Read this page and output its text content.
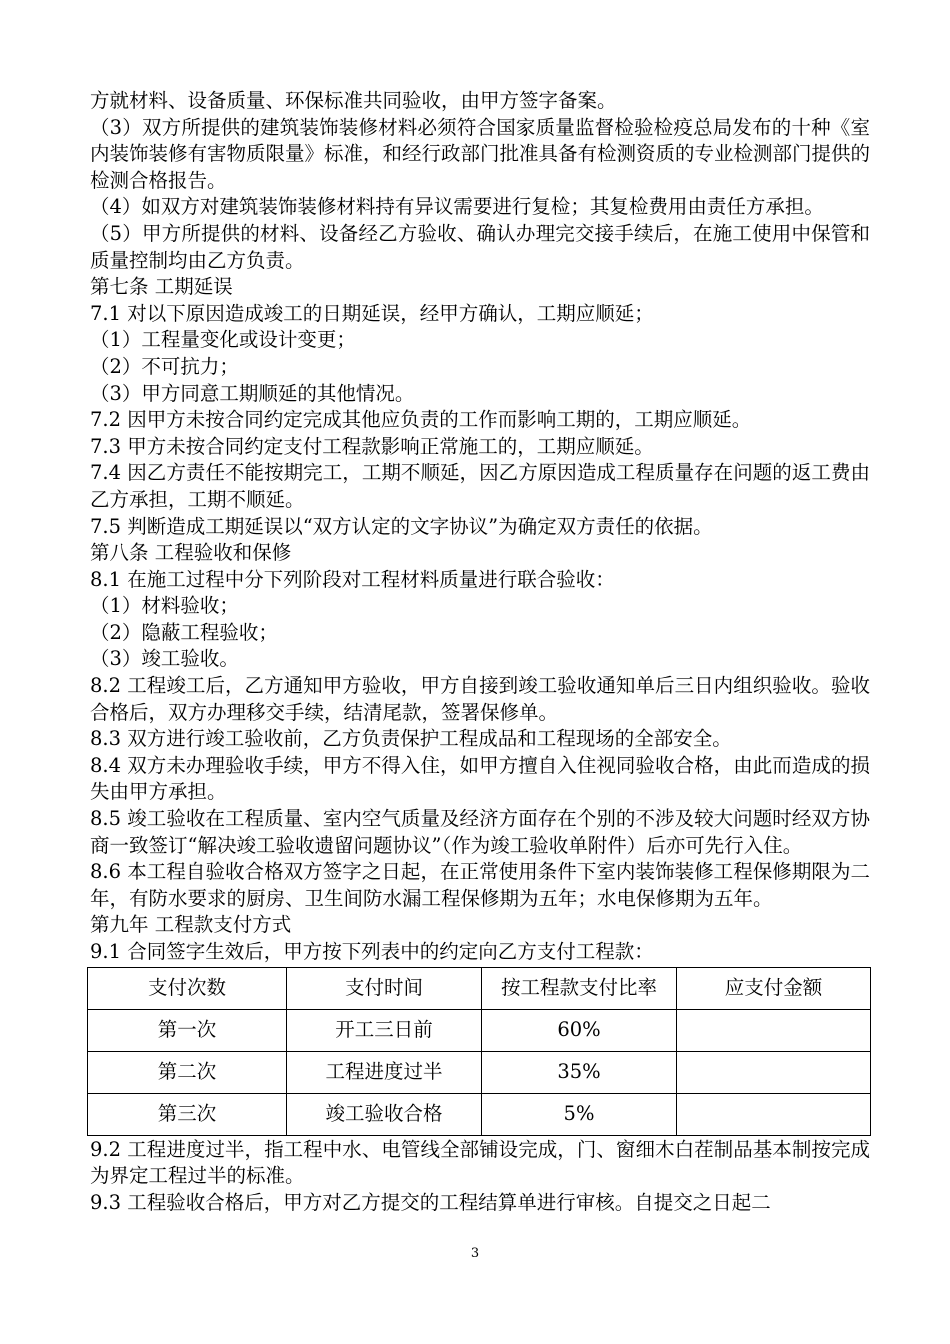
方就材料、设备质量、环保标准共同验收，由甲方签字备案。

（3）双方所提供的建筑装饰装修材料必须符合国家质量监督检验检疫总局发布的十种《室内装饰装修有害物质限量》标准，和经行政部门批准具备有检测资质的专业检测部门提供的检测合格报告。

（4）如双方对建筑装饰装修材料持有异议需要进行复检；其复检费用由责任方承担。

（5）甲方所提供的材料、设备经乙方验收、确认办理完交接手续后，在施工使用中保管和质量控制均由乙方负责。

第七条 工期延误

7.1 对以下原因造成竣工的日期延误，经甲方确认，工期应顺延；

（1）工程量变化或设计变更；

（2）不可抗力；

（3）甲方同意工期顺延的其他情况。

7.2 因甲方未按合同约定完成其他应负责的工作而影响工期的，工期应顺延。

7.3 甲方未按合同约定支付工程款影响正常施工的，工期应顺延。

7.4 因乙方责任不能按期完工，工期不顺延，因乙方原因造成工程质量存在问题的返工费由乙方承担，工期不顺延。

7.5 判断造成工期延误以“双方认定的文字协议”为确定双方责任的依据。

第八条 工程验收和保修

8.1 在施工过程中分下列阶段对工程材料质量进行联合验收：

（1）材料验收；

（2）隐蔽工程验收；

（3）竣工验收。

8.2 工程竣工后，乙方通知甲方验收，甲方自接到竣工验收通知单后三日内组织验收。验收合格后，双方办理移交手续，结清尾款，签署保修单。

8.3 双方进行竣工验收前，乙方负责保护工程成品和工程现场的全部安全。

8.4 双方未办理验收手续，甲方不得入住，如甲方擅自入住视同验收合格，由此而造成的损失由甲方承担。

8.5 竣工验收在工程质量、室内空气质量及经济方面存在个别的不涉及较大问题时经双方协商一致签订“解决竣工验收遗留问题协议”（作为竣工验收单附件）后亦可先行入住。

8.6 本工程自验收合格双方签字之日起，在正常使用条件下室内装饰装修工程保修期限为二年，有防水要求的厨房、卫生间防水漏工程保修期为五年；水电保修期为五年。

第九年 工程款支付方式

9.1 合同签字生效后，甲方按下列表中的约定向乙方支付工程款：

支付次数	支付时间	按工程款支付比率	应支付金额
第一次	开工三日前	60%	
第二次	工程进度过半	35%	
第三次	竣工验收合格	5%	

9.2 工程进度过半，指工程中水、电管线全部铺设完成，门、窗细木白茬制品基本制按完成为界定工程过半的标准。

9.3 工程验收合格后，甲方对乙方提交的工程结算单进行审核。自提交之日起二

3
